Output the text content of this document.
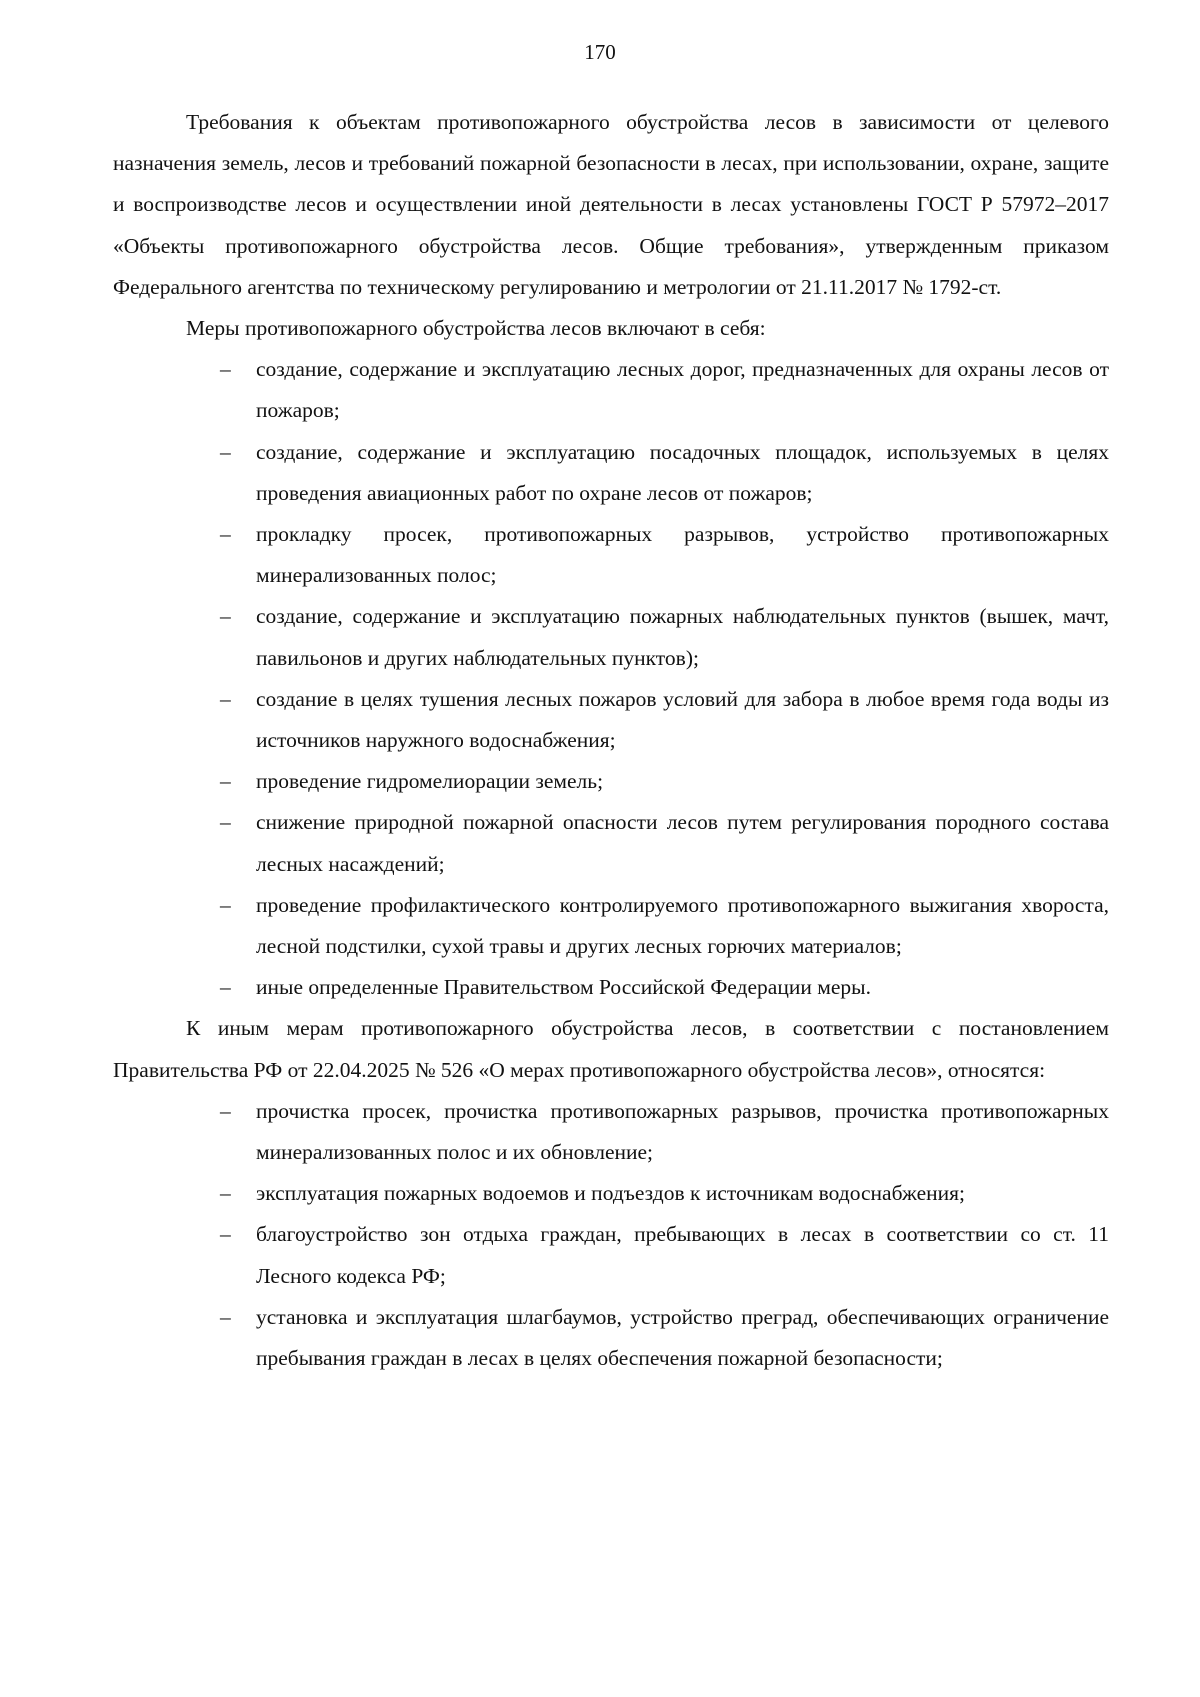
170

Требования к объектам противопожарного обустройства лесов в зависимости от целевого назначения земель, лесов и требований пожарной безопасности в лесах, при использовании, охране, защите и воспроизводстве лесов и осуществлении иной деятельности в лесах установлены ГОСТ Р 57972–2017 «Объекты противопожарного обустройства лесов. Общие требования», утвержденным приказом Федерального агентства по техническому регулированию и метрологии от 21.11.2017 № 1792-ст.

Меры противопожарного обустройства лесов включают в себя:

– создание, содержание и эксплуатацию лесных дорог, предназначенных для охраны лесов от пожаров;
– создание, содержание и эксплуатацию посадочных площадок, используемых в целях проведения авиационных работ по охране лесов от пожаров;
– прокладку просек, противопожарных разрывов, устройство противопожарных минерализованных полос;
– создание, содержание и эксплуатацию пожарных наблюдательных пунктов (вышек, мачт, павильонов и других наблюдательных пунктов);
– создание в целях тушения лесных пожаров условий для забора в любое время года воды из источников наружного водоснабжения;
– проведение гидромелиорации земель;
– снижение природной пожарной опасности лесов путем регулирования породного состава лесных насаждений;
– проведение профилактического контролируемого противопожарного выжигания хвороста, лесной подстилки, сухой травы и других лесных горючих материалов;
– иные определенные Правительством Российской Федерации меры.

К иным мерам противопожарного обустройства лесов, в соответствии с постановлением Правительства РФ от 22.04.2025 № 526 «О мерах противопожарного обустройства лесов», относятся:

– прочистка просек, прочистка противопожарных разрывов, прочистка противопожарных минерализованных полос и их обновление;
– эксплуатация пожарных водоемов и подъездов к источникам водоснабжения;
– благоустройство зон отдыха граждан, пребывающих в лесах в соответствии со ст. 11 Лесного кодекса РФ;
– установка и эксплуатация шлагбаумов, устройство преград, обеспечивающих ограничение пребывания граждан в лесах в целях обеспечения пожарной безопасности;
